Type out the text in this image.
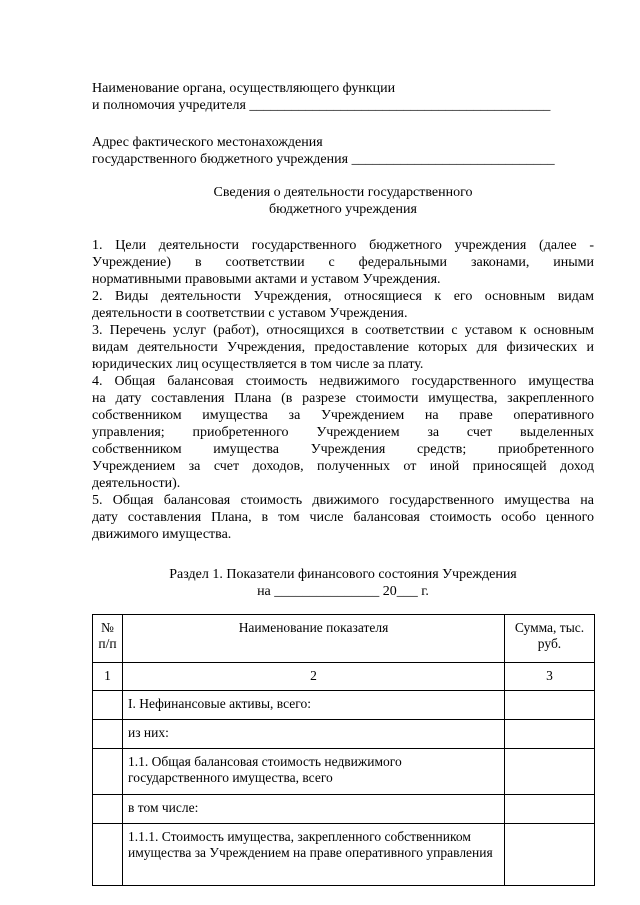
Наименование органа, осуществляющего функции
и полномочия учредителя ___________________________________________
Адрес фактического местонахождения
государственного бюджетного учреждения _____________________________
Сведения о деятельности государственного
бюджетного учреждения
1. Цели деятельности государственного бюджетного учреждения (далее -
Учреждение) в соответствии с федеральными законами, иными
нормативными правовыми актами и уставом Учреждения.
2. Виды деятельности Учреждения, относящиеся к его основным видам
деятельности в соответствии с уставом Учреждения.
3. Перечень услуг (работ), относящихся в соответствии с уставом к основным
видам деятельности Учреждения, предоставление которых для физических и
юридических лиц осуществляется в том числе за плату.
4. Общая балансовая стоимость недвижимого государственного имущества
на дату составления Плана (в разрезе стоимости имущества, закрепленного
собственником имущества за Учреждением на праве оперативного
управления; приобретенного Учреждением за счет выделенных
собственником имущества Учреждения средств; приобретенного
Учреждением за счет доходов, полученных от иной приносящей доход
деятельности).
5. Общая балансовая стоимость движимого государственного имущества на
дату составления Плана, в том числе балансовая стоимость особо ценного
движимого имущества.
Раздел 1. Показатели финансового состояния Учреждения
на _______________ 20___ г.
№ п/п	Наименование показателя	Сумма, тыс. руб.
1	2	3
	I. Нефинансовые активы, всего:	
	из них:	
	1.1. Общая балансовая стоимость недвижимого государственного имущества, всего	
	в том числе:	
	1.1.1. Стоимость имущества, закрепленного собственником имущества за Учреждением на праве оперативного управления	
